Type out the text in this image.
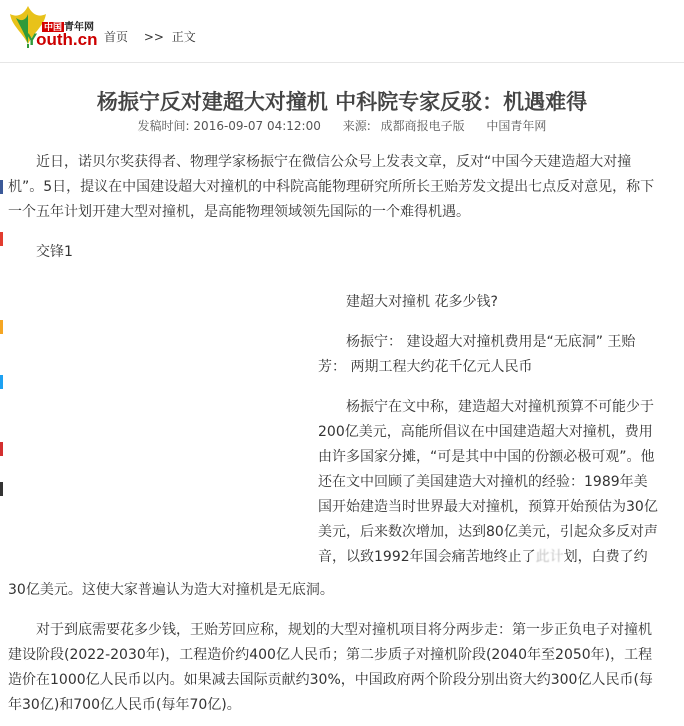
中国 青年网
Youth.cn 首页 >> 正文
杨振宁反对建超大对撞机 中科院专家反驳：机遇难得
发稿时间: 2016-09-07 04:12:00 来源: 成都商报电子版 中国青年网

近日，诺贝尔奖获得者、物理学家杨振宁在微信公众号上发表文章，反对“中国今天建造超大对撞机”。5日，提议在中国建设超大对撞机的中科院高能物理研究所所长王贻芳发文提出七点反对意见，称下一个五年计划开建大型对撞机，是高能物理领域领先国际的一个难得机遇。

交锋1

建超大对撞机 花多少钱?
杨振宁： 建设超大对撞机费用是“无底洞” 王贻芳： 两期工程大约花千亿元人民币
杨振宁在文中称，建造超大对撞机预算不可能少于200亿美元，高能所倡议在中国建造超大对撞机，费用由许多国家分摊，“可是其中中国的份额必极可观”。他还在文中回顾了美国建造大对撞机的经验：1989年美国开始建造当时世界最大对撞机，预算开始预估为30亿美元，后来数次增加，达到80亿美元，引起众多反对声音，以致1992年国会痛苦地终止了此计划，白费了约
30亿美元。这使大家普遍认为造大对撞机是无底洞。
对于到底需要花多少钱，王贻芳回应称，规划的大型对撞机项目将分两步走：第一步正负电子对撞机建设阶段(2022-2030年)，工程造价约400亿人民币；第二步质子对撞机阶段(2040年至2050年)，工程造价在1000亿人民币以内。如果减去国际贡献约30%，中国政府两个阶段分别出资大约300亿人民币(每年30亿)和700亿人民币(每年70亿)。
